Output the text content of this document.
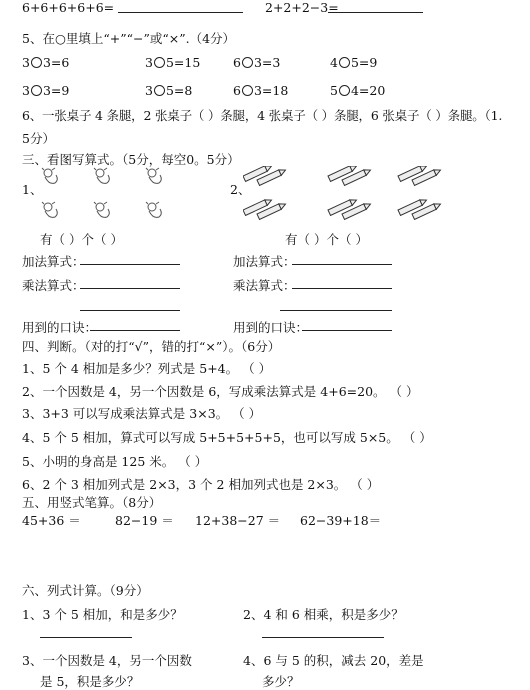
6+6+6+6+6=	2+2+2−3=
5、在○里填上“+”“−”或“×”.（4分）
3 3=6	3 5=15	6 3=3	4 5=9
3 3=9	3 5=8	6 3=18	5 4=20
6、一张桌子 4 条腿，2 张桌子（ ）条腿，4 张桌子（ ）条腿，6 张桌子（ ）条腿。（1.
5分）
三、看图写算式。（5分，每空0。5分）
1、	2、
有（ ）个（ ）	有（ ）个（ ）
加法算式：	加法算式：
乘法算式：	乘法算式：
用到的口诀：	用到的口诀：
四、判断。（对的打“√”，错的打“×”）。（6分）
1、5 个 4 相加是多少？列式是 5+4。 （ ）
2、一个因数是 4，另一个因数是 6，写成乘法算式是 4+6=20。 （ ）
3、3+3 可以写成乘法算式是 3×3。 （ ）
4、5 个 5 相加，算式可以写成 5+5+5+5+5，也可以写成 5×5。 （ ）
5、小明的身高是 125 米。 （ ）
6、2 个 3 相加列式是 2×3，3 个 2 相加列式也是 2×3。 （ ）
五、用竖式笔算。（8分）
45+36 ＝	82−19 ＝ 12+38−27 ＝ 62−39+18＝
六、列式计算。（9分）
1、3 个 5 相加，和是多少？	2、4 和 6 相乘，积是多少？
3、一个因数是 4，另一个因数
是 5，积是多少？
4、6 与 5 的积，减去 20，差是
多少？
